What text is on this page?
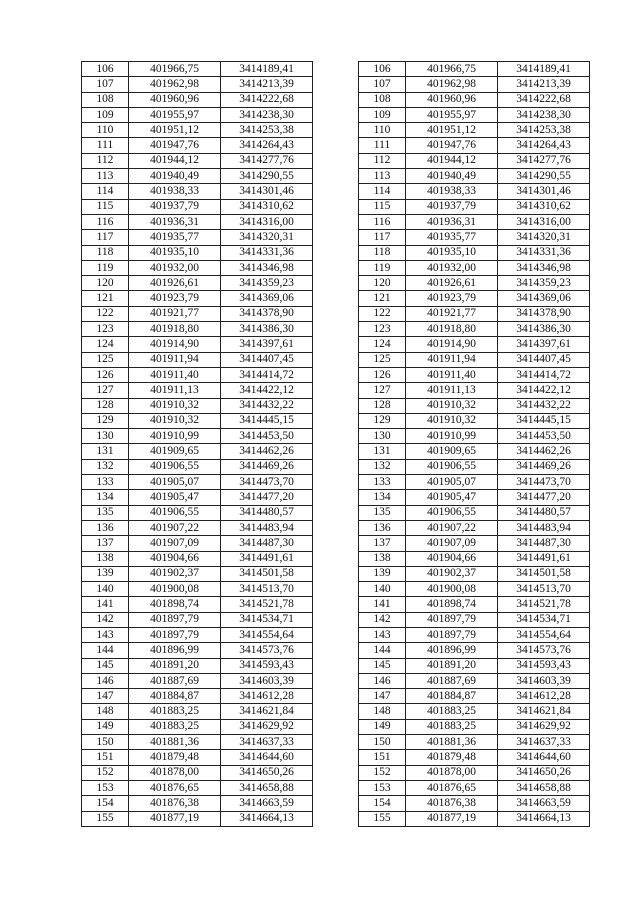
106	401966,75	3414189,41
107	401962,98	3414213,39
108	401960,96	3414222,68
109	401955,97	3414238,30
110	401951,12	3414253,38
111	401947,76	3414264,43
112	401944,12	3414277,76
113	401940,49	3414290,55
114	401938,33	3414301,46
115	401937,79	3414310,62
116	401936,31	3414316,00
117	401935,77	3414320,31
118	401935,10	3414331,36
119	401932,00	3414346,98
120	401926,61	3414359,23
121	401923,79	3414369,06
122	401921,77	3414378,90
123	401918,80	3414386,30
124	401914,90	3414397,61
125	401911,94	3414407,45
126	401911,40	3414414,72
127	401911,13	3414422,12
128	401910,32	3414432,22
129	401910,32	3414445,15
130	401910,99	3414453,50
131	401909,65	3414462,26
132	401906,55	3414469,26
133	401905,07	3414473,70
134	401905,47	3414477,20
135	401906,55	3414480,57
136	401907,22	3414483,94
137	401907,09	3414487,30
138	401904,66	3414491,61
139	401902,37	3414501,58
140	401900,08	3414513,70
141	401898,74	3414521,78
142	401897,79	3414534,71
143	401897,79	3414554,64
144	401896,99	3414573,76
145	401891,20	3414593,43
146	401887,69	3414603,39
147	401884,87	3414612,28
148	401883,25	3414621,84
149	401883,25	3414629,92
150	401881,36	3414637,33
151	401879,48	3414644,60
152	401878,00	3414650,26
153	401876,65	3414658,88
154	401876,38	3414663,59
155	401877,19	3414664,13
106	401966,75	3414189,41
107	401962,98	3414213,39
108	401960,96	3414222,68
109	401955,97	3414238,30
110	401951,12	3414253,38
111	401947,76	3414264,43
112	401944,12	3414277,76
113	401940,49	3414290,55
114	401938,33	3414301,46
115	401937,79	3414310,62
116	401936,31	3414316,00
117	401935,77	3414320,31
118	401935,10	3414331,36
119	401932,00	3414346,98
120	401926,61	3414359,23
121	401923,79	3414369,06
122	401921,77	3414378,90
123	401918,80	3414386,30
124	401914,90	3414397,61
125	401911,94	3414407,45
126	401911,40	3414414,72
127	401911,13	3414422,12
128	401910,32	3414432,22
129	401910,32	3414445,15
130	401910,99	3414453,50
131	401909,65	3414462,26
132	401906,55	3414469,26
133	401905,07	3414473,70
134	401905,47	3414477,20
135	401906,55	3414480,57
136	401907,22	3414483,94
137	401907,09	3414487,30
138	401904,66	3414491,61
139	401902,37	3414501,58
140	401900,08	3414513,70
141	401898,74	3414521,78
142	401897,79	3414534,71
143	401897,79	3414554,64
144	401896,99	3414573,76
145	401891,20	3414593,43
146	401887,69	3414603,39
147	401884,87	3414612,28
148	401883,25	3414621,84
149	401883,25	3414629,92
150	401881,36	3414637,33
151	401879,48	3414644,60
152	401878,00	3414650,26
153	401876,65	3414658,88
154	401876,38	3414663,59
155	401877,19	3414664,13
